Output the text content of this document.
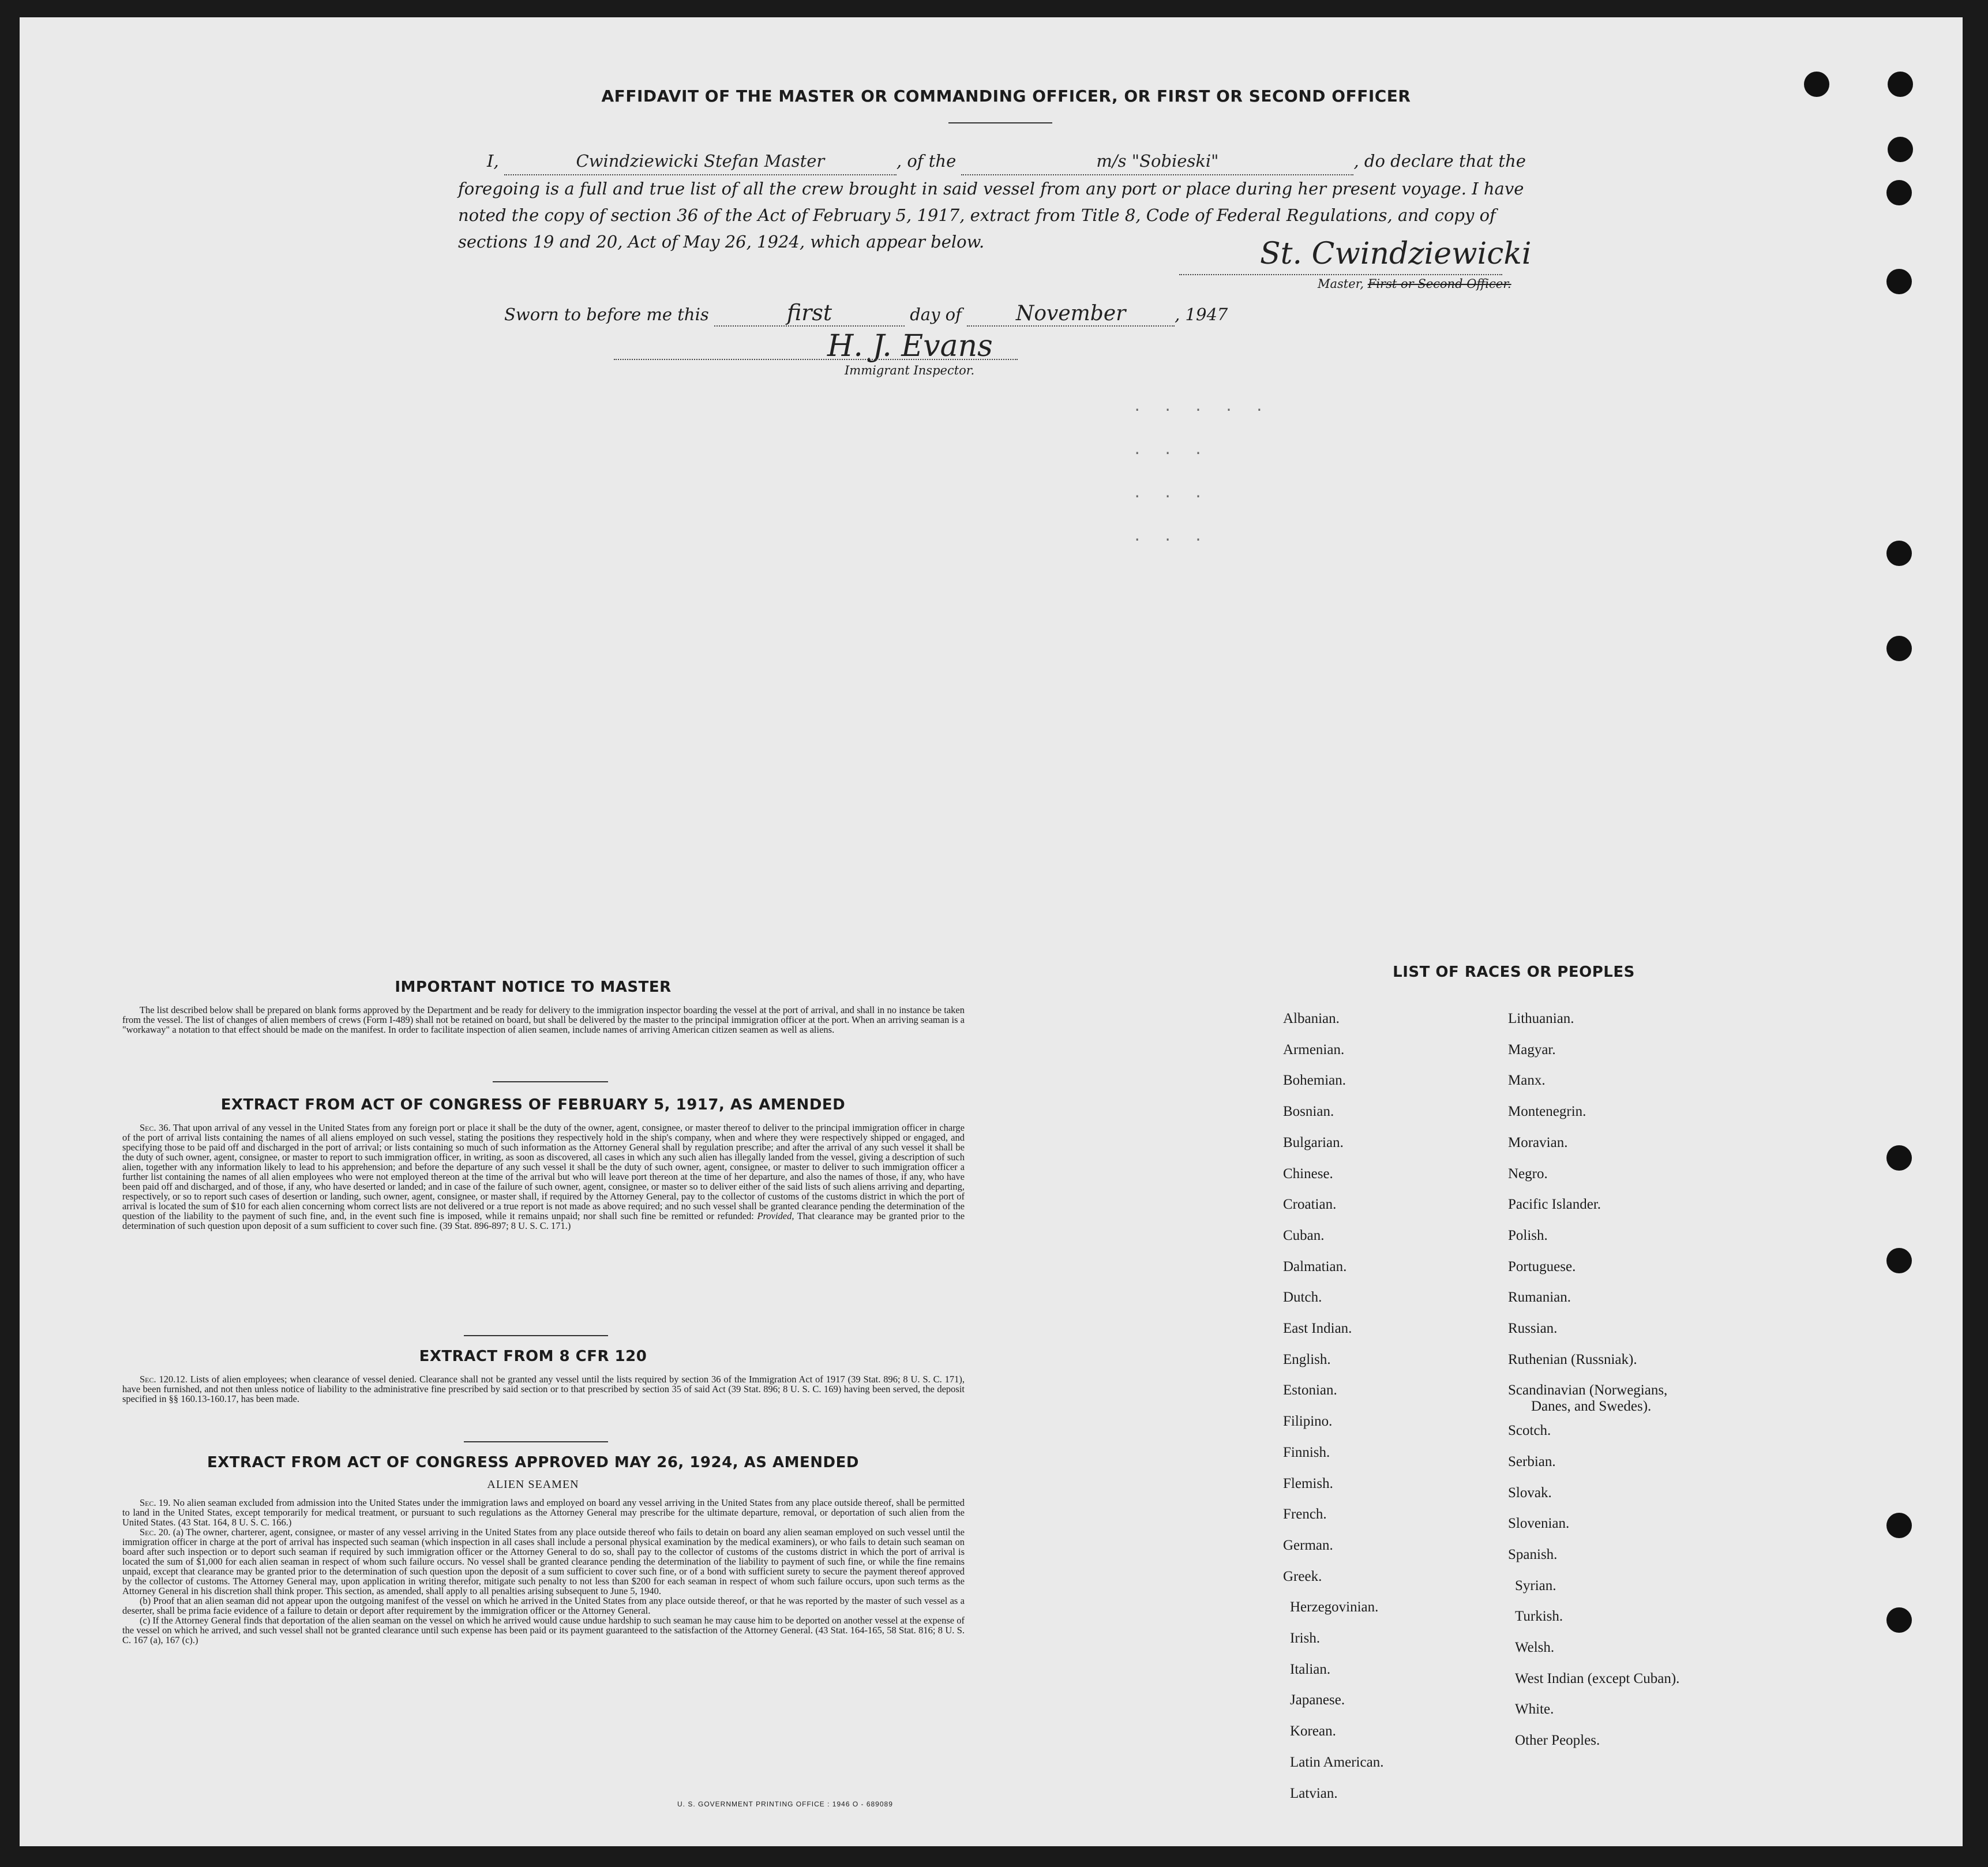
AFFIDAVIT OF THE MASTER OR COMMANDING OFFICER, OR FIRST OR SECOND OFFICER
I,	Cwindziewicki Stefan Master	, of the	m/s "Sobieski"	, do declare that the foregoing is a full and true list of all the crew brought in said vessel from any port or place during her present voyage. I have noted the copy of section 36 of the Act of February 5, 1917, extract from Title 8, Code of Federal Regulations, and copy of sections 19 and 20, Act of May 26, 1924, which appear below.	St. Cwindziewicki
Master, First or Second Officer.
Sworn to before me this	first	day of	November	, 1947
H. J. Evans
Immigrant Inspector.
. . . . .
. . .
. . .
. . .
IMPORTANT NOTICE TO MASTER

The list described below shall be prepared on blank forms approved by the Department and be ready for delivery to the immigration inspector boarding the vessel at the port of arrival, and shall in no instance be taken from the vessel. The list of changes of alien members of crews (Form I-489) shall not be retained on board, but shall be delivered by the master to the principal immigration officer at the port. When an arriving seaman is a "workaway" a notation to that effect should be made on the manifest. In order to facilitate inspection of alien seamen, include names of arriving American citizen seamen as well as aliens.

EXTRACT FROM ACT OF CONGRESS OF FEBRUARY 5, 1917, AS AMENDED

Sec. 36. That upon arrival of any vessel in the United States from any foreign port or place it shall be the duty of the owner, agent, consignee, or master thereof to deliver to the principal immigration officer in charge of the port of arrival lists containing the names of all aliens employed on such vessel, stating the positions they respectively hold in the ship's company, when and where they were respectively shipped or engaged, and specifying those to be paid off and discharged in the port of arrival; or lists containing so much of such information as the Attorney General shall by regulation prescribe; and after the arrival of any such vessel it shall be the duty of such owner, agent, consignee, or master to report to such immigration officer, in writing, as soon as discovered, all cases in which any such alien has illegally landed from the vessel, giving a description of such alien, together with any information likely to lead to his apprehension; and before the departure of any such vessel it shall be the duty of such owner, agent, consignee, or master to deliver to such immigration officer a further list containing the names of all alien employees who were not employed thereon at the time of the arrival but who will leave port thereon at the time of her departure, and also the names of those, if any, who have been paid off and discharged, and of those, if any, who have deserted or landed; and in case of the failure of such owner, agent, consignee, or master so to deliver either of the said lists of such aliens arriving and departing, respectively, or so to report such cases of desertion or landing, such owner, agent, consignee, or master shall, if required by the Attorney General, pay to the collector of customs of the customs district in which the port of arrival is located the sum of $10 for each alien concerning whom correct lists are not delivered or a true report is not made as above required; and no such vessel shall be granted clearance pending the determination of the question of the liability to the payment of such fine, and, in the event such fine is imposed, while it remains unpaid; nor shall such fine be remitted or refunded: Provided, That clearance may be granted prior to the determination of such question upon deposit of a sum sufficient to cover such fine. (39 Stat. 896-897; 8 U. S. C. 171.)

EXTRACT FROM 8 CFR 120

Sec. 120.12. Lists of alien employees; when clearance of vessel denied. Clearance shall not be granted any vessel until the lists required by section 36 of the Immigration Act of 1917 (39 Stat. 896; 8 U. S. C. 171), have been furnished, and not then unless notice of liability to the administrative fine prescribed by said section or to that prescribed by section 35 of said Act (39 Stat. 896; 8 U. S. C. 169) having been served, the deposit specified in §§ 160.13-160.17, has been made.

EXTRACT FROM ACT OF CONGRESS APPROVED MAY 26, 1924, AS AMENDED
ALIEN SEAMEN

Sec. 19. No alien seaman excluded from admission into the United States under the immigration laws and employed on board any vessel arriving in the United States from any place outside thereof, shall be permitted to land in the United States, except temporarily for medical treatment, or pursuant to such regulations as the Attorney General may prescribe for the ultimate departure, removal, or deportation of such alien from the United States. (43 Stat. 164, 8 U. S. C. 166.)

Sec. 20. (a) The owner, charterer, agent, consignee, or master of any vessel arriving in the United States from any place outside thereof who fails to detain on board any alien seaman employed on such vessel until the immigration officer in charge at the port of arrival has inspected such seaman (which inspection in all cases shall include a personal physical examination by the medical examiners), or who fails to detain such seaman on board after such inspection or to deport such seaman if required by such immigration officer or the Attorney General to do so, shall pay to the collector of customs of the customs district in which the port of arrival is located the sum of $1,000 for each alien seaman in respect of whom such failure occurs. No vessel shall be granted clearance pending the determination of the liability to payment of such fine, or while the fine remains unpaid, except that clearance may be granted prior to the determination of such question upon the deposit of a sum sufficient to cover such fine, or of a bond with sufficient surety to secure the payment thereof approved by the collector of customs. The Attorney General may, upon application in writing therefor, mitigate such penalty to not less than $200 for each seaman in respect of whom such failure occurs, upon such terms as the Attorney General in his discretion shall think proper. This section, as amended, shall apply to all penalties arising subsequent to June 5, 1940.

(b) Proof that an alien seaman did not appear upon the outgoing manifest of the vessel on which he arrived in the United States from any place outside thereof, or that he was reported by the master of such vessel as a deserter, shall be prima facie evidence of a failure to detain or deport after requirement by the immigration officer or the Attorney General.

(c) If the Attorney General finds that deportation of the alien seaman on the vessel on which he arrived would cause undue hardship to such seaman he may cause him to be deported on another vessel at the expense of the vessel on which he arrived, and such vessel shall not be granted clearance until such expense has been paid or its payment guaranteed to the satisfaction of the Attorney General. (43 Stat. 164-165, 58 Stat. 816; 8 U. S. C. 167 (a), 167 (c).)

U. S. GOVERNMENT PRINTING OFFICE : 1946 O - 689089
LIST OF RACES OR PEOPLES
Albanian.
Armenian.
Bohemian.
Bosnian.
Bulgarian.
Chinese.
Croatian.
Cuban.
Dalmatian.
Dutch.
East Indian.
English.
Estonian.
Filipino.
Finnish.
Flemish.
French.
German.
Greek.
Herzegovinian.
Irish.
Italian.
Japanese.
Korean.
Latin American.
Latvian.
Lithuanian.
Magyar.
Manx.
Montenegrin.
Moravian.
Negro.
Pacific Islander.
Polish.
Portuguese.
Rumanian.
Russian.
Ruthenian (Russniak).
Scandinavian (Norwegians,
Danes, and Swedes).
Scotch.
Serbian.
Slovak.
Slovenian.
Spanish.
Syrian.
Turkish.
Welsh.
West Indian (except Cuban).
White.
Other Peoples.
